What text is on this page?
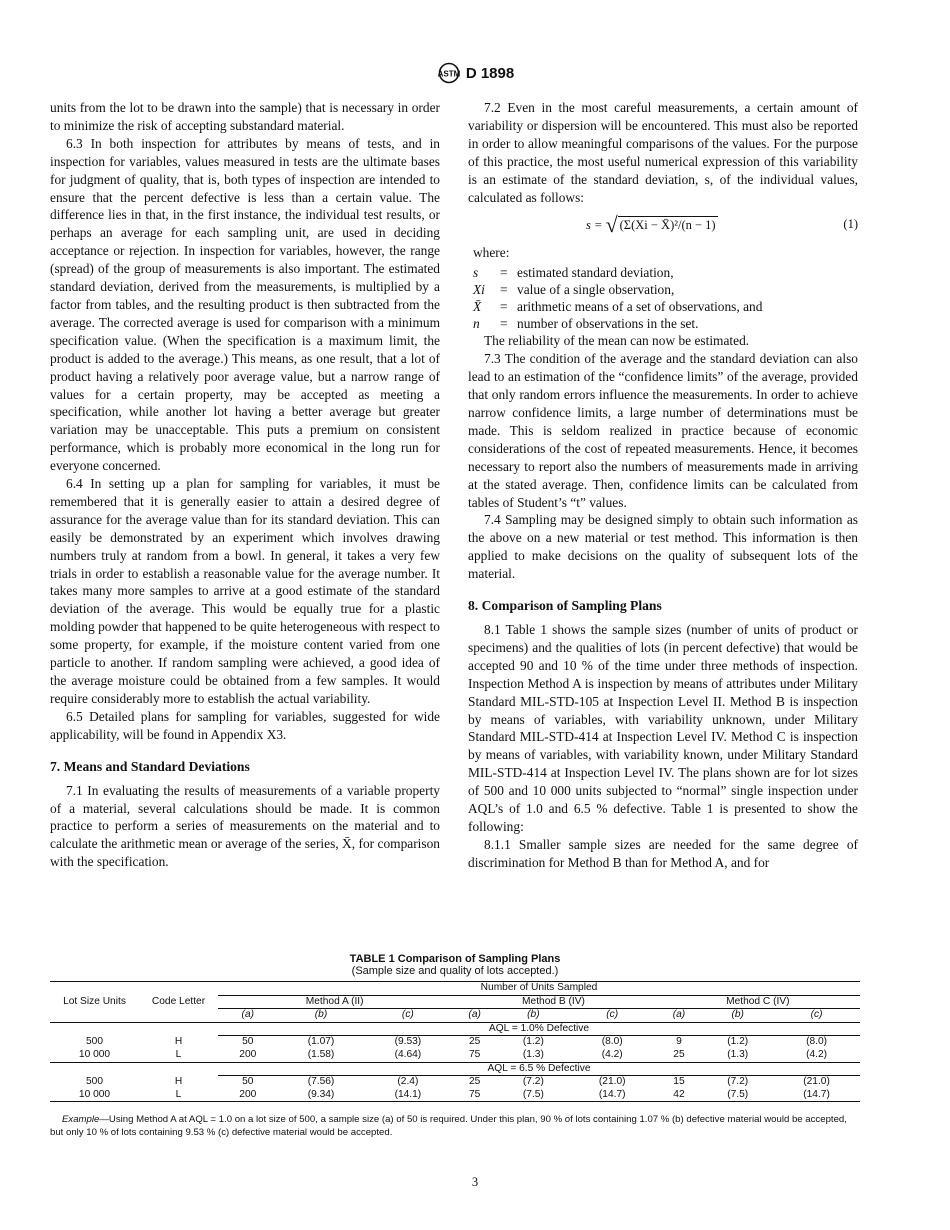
ASTM D 1898

units from the lot to be drawn into the sample) that is necessary in order to minimize the risk of accepting substandard material.

6.3 In both inspection for attributes by means of tests, and in inspection for variables, values measured in tests are the ultimate bases for judgment of quality, that is, both types of inspection are intended to ensure that the percent defective is less than a certain value. The difference lies in that, in the first instance, the individual test results, or perhaps an average for each sampling unit, are used in deciding acceptance or rejection. In inspection for variables, however, the range (spread) of the group of measurements is also important. The estimated standard deviation, derived from the measurements, is multiplied by a factor from tables, and the resulting product is then subtracted from the average. The corrected average is used for comparison with a minimum specification value. (When the specification is a maximum limit, the product is added to the average.) This means, as one result, that a lot of product having a relatively poor average value, but a narrow range of values for a certain property, may be accepted as meeting a specification, while another lot having a better average but greater variation may be unacceptable. This puts a premium on consistent performance, which is probably more economical in the long run for everyone concerned.

6.4 In setting up a plan for sampling for variables, it must be remembered that it is generally easier to attain a desired degree of assurance for the average value than for its standard deviation. This can easily be demonstrated by an experiment which involves drawing numbers truly at random from a bowl. In general, it takes a very few trials in order to establish a reasonable value for the average number. It takes many more samples to arrive at a good estimate of the standard deviation of the average. This would be equally true for a plastic molding powder that happened to be quite heterogeneous with respect to some property, for example, if the moisture content varied from one particle to another. If random sampling were achieved, a good idea of the average moisture could be obtained from a few samples. It would require considerably more to establish the actual variability.

6.5 Detailed plans for sampling for variables, suggested for wide applicability, will be found in Appendix X3.

7. Means and Standard Deviations

7.1 In evaluating the results of measurements of a variable property of a material, several calculations should be made. It is common practice to perform a series of measurements on the material and to calculate the arithmetic mean or average of the series, X̄, for comparison with the specification.

7.2 Even in the most careful measurements, a certain amount of variability or dispersion will be encountered. This must also be reported in order to allow meaningful comparisons of the values. For the purpose of this practice, the most useful numerical expression of this variability is an estimate of the standard deviation, s, of the individual values, calculated as follows:

s = √ (Σ(Xi − X̄)²/(n − 1)	(1)

where:

s	= estimated standard deviation,
Xi	= value of a single observation,
X̄	= arithmetic means of a set of observations, and
n	= number of observations in the set.

The reliability of the mean can now be estimated.

7.3 The condition of the average and the standard deviation can also lead to an estimation of the “confidence limits” of the average, provided that only random errors influence the measurements. In order to achieve narrow confidence limits, a large number of determinations must be made. This is seldom realized in practice because of economic considerations of the cost of repeated measurements. Hence, it becomes necessary to report also the numbers of measurements made in arriving at the stated average. Then, confidence limits can be calculated from tables of Student’s “t” values.

7.4 Sampling may be designed simply to obtain such information as the above on a new material or test method. This information is then applied to make decisions on the quality of subsequent lots of the material.

8. Comparison of Sampling Plans

8.1 Table 1 shows the sample sizes (number of units of product or specimens) and the qualities of lots (in percent defective) that would be accepted 90 and 10 % of the time under three methods of inspection. Inspection Method A is inspection by means of attributes under Military Standard MIL-STD-105 at Inspection Level II. Method B is inspection by means of variables, with variability unknown, under Military Standard MIL-STD-414 at Inspection Level IV. Method C is inspection by means of variables, with variability known, under Military Standard MIL-STD-414 at Inspection Level IV. The plans shown are for lot sizes of 500 and 10 000 units subjected to “normal” single inspection under AQL’s of 1.0 and 6.5 % defective. Table 1 is presented to show the following:

8.1.1 Smaller sample sizes are needed for the same degree of discrimination for Method B than for Method A, and for

TABLE 1 Comparison of Sampling Plans
(Sample size and quality of lots accepted.)
Lot Size Units	Code Letter	Number of Units Sampled								
		Method A (II)			Method B (IV)			Method C (IV)		
		(a)	(b)	(c)	(a)	(b)	(c)	(a)	(b)	(c)
		AQL = 1.0% Defective								
500	H	50	(1.07)	(9.53)	25	(1.2)	(8.0)	9	(1.2)	(8.0)
10 000	L	200	(1.58)	(4.64)	75	(1.3)	(4.2)	25	(1.3)	(4.2)
		AQL = 6.5 % Defective								
500	H	50	(7.56)	(2.4)	25	(7.2)	(21.0)	15	(7.2)	(21.0)
10 000	L	200	(9.34)	(14.1)	75	(7.5)	(14.7)	42	(7.5)	(14.7)
Example—Using Method A at AQL = 1.0 on a lot size of 500, a sample size (a) of 50 is required. Under this plan, 90 % of lots containing 1.07 % (b) defective material would be accepted, but only 10 % of lots containing 9.53 % (c) defective material would be accepted.
3
